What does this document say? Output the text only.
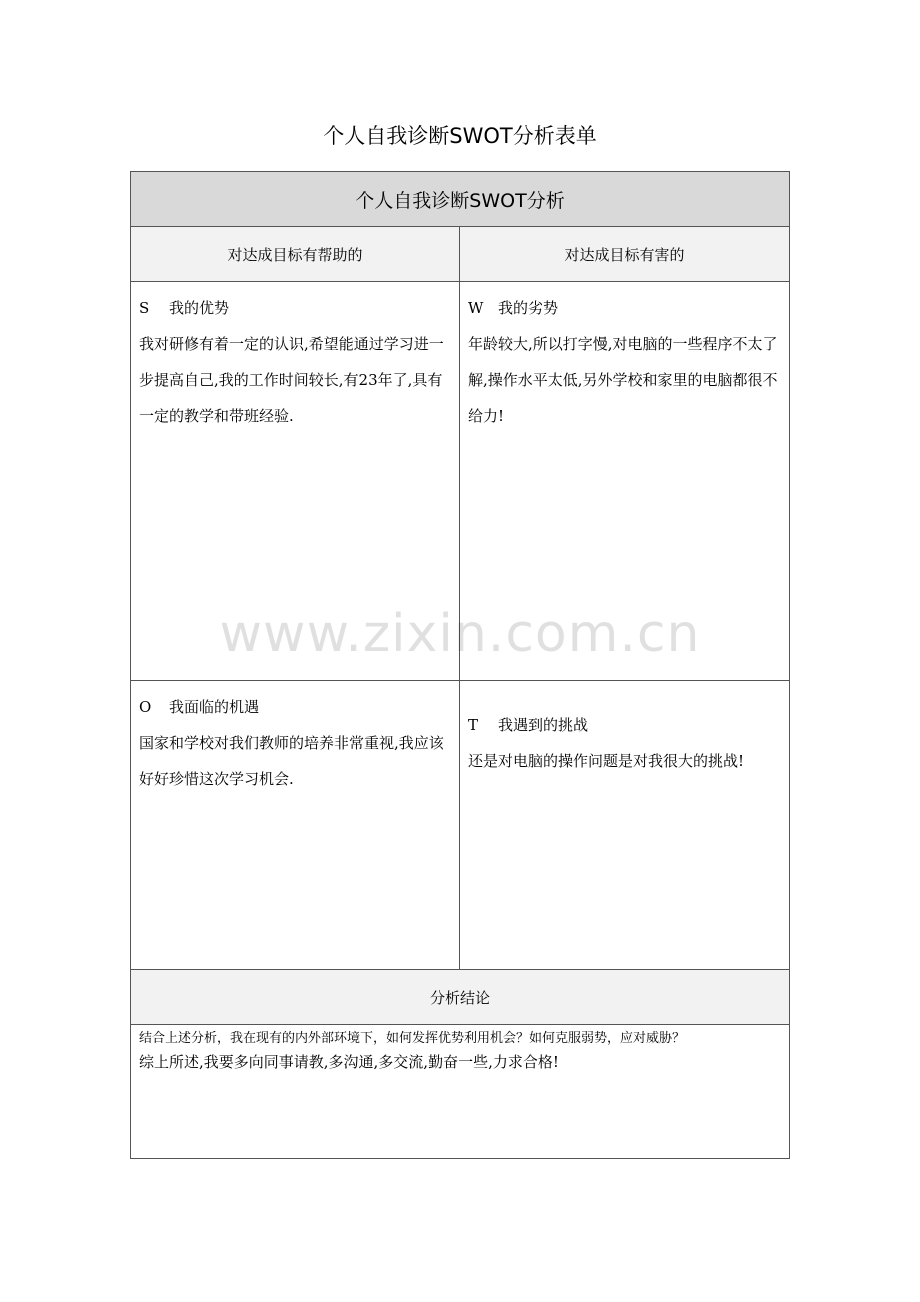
个人自我诊断SWOT分析表单
个人自我诊断SWOT分析
对达成目标有帮助的	对达成目标有害的
S 我的优势
我对研修有着一定的认识,希望能通过学习进一步提高自己,我的工作时间较长,有23年了,具有一定的教学和带班经验.
W 我的劣势
年龄较大,所以打字慢,对电脑的一些程序不太了解,操作水平太低,另外学校和家里的电脑都很不给力!
O 我面临的机遇
国家和学校对我们教师的培养非常重视,我应该好好珍惜这次学习机会.
T 我遇到的挑战
还是对电脑的操作问题是对我很大的挑战!
分析结论
结合上述分析，我在现有的内外部环境下，如何发挥优势利用机会？如何克服弱势，应对威胁？
综上所述,我要多向同事请教,多沟通,多交流,勤奋一些,力求合格!
www.zixin.com.cn
